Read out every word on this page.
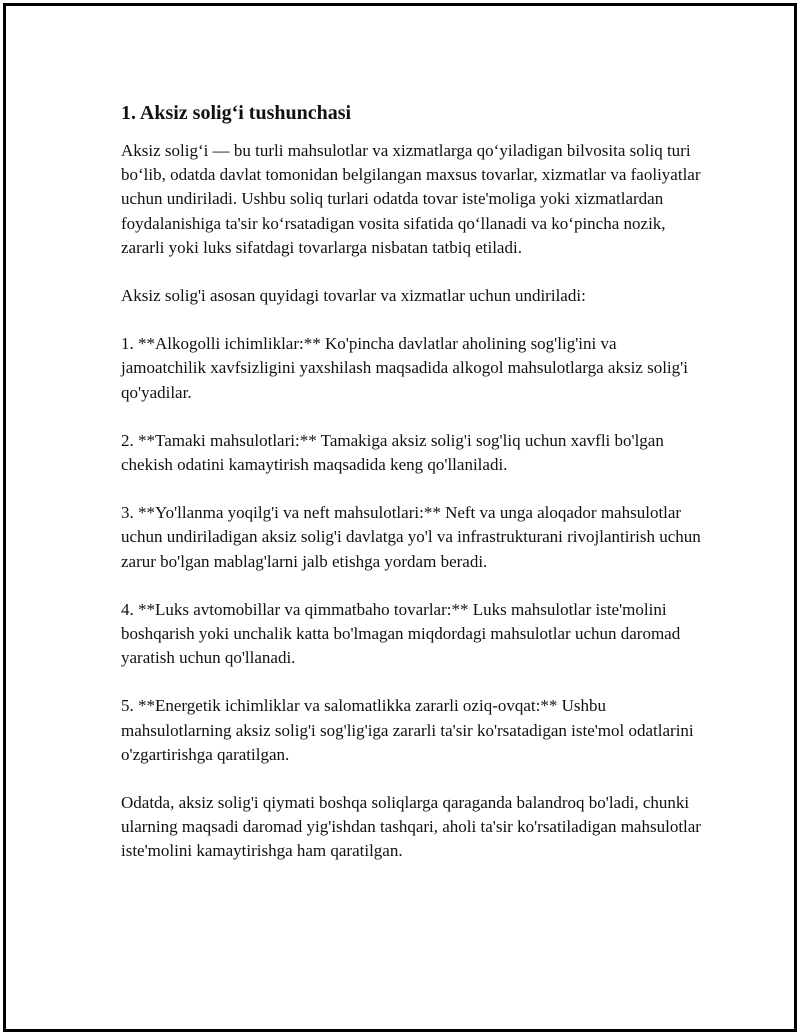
1. Aksiz soligʻi tushunchasi

Aksiz soligʻi — bu turli mahsulotlar va xizmatlarga qoʻyiladigan bilvosita soliq turi boʻlib, odatda davlat tomonidan belgilangan maxsus tovarlar, xizmatlar va faoliyatlar uchun undiriladi. Ushbu soliq turlari odatda tovar iste'moliga yoki xizmatlardan foydalanishiga ta'sir koʻrsatadigan vosita sifatida qoʻllanadi va koʻpincha nozik, zararli yoki luks sifatdagi tovarlarga nisbatan tatbiq etiladi.

Aksiz solig'i asosan quyidagi tovarlar va xizmatlar uchun undiriladi:

1. **Alkogolli ichimliklar:** Ko'pincha davlatlar aholining sog'lig'ini va jamoatchilik xavfsizligini yaxshilash maqsadida alkogol mahsulotlarga aksiz solig'i qo'yadilar.

2. **Tamaki mahsulotlari:** Tamakiga aksiz solig'i sog'liq uchun xavfli bo'lgan chekish odatini kamaytirish maqsadida keng qo'llaniladi.

3. **Yo'llanma yoqilg'i va neft mahsulotlari:** Neft va unga aloqador mahsulotlar uchun undiriladigan aksiz solig'i davlatga yo'l va infrastrukturani rivojlantirish uchun zarur bo'lgan mablag'larni jalb etishga yordam beradi.

4. **Luks avtomobillar va qimmatbaho tovarlar:** Luks mahsulotlar iste'molini boshqarish yoki unchalik katta bo'lmagan miqdordagi mahsulotlar uchun daromad yaratish uchun qo'llanadi.

5. **Energetik ichimliklar va salomatlikka zararli oziq-ovqat:** Ushbu mahsulotlarning aksiz solig'i sog'lig'iga zararli ta'sir ko'rsatadigan iste'mol odatlarini o'zgartirishga qaratilgan.

Odatda, aksiz solig'i qiymati boshqa soliqlarga qaraganda balandroq bo'ladi, chunki ularning maqsadi daromad yig'ishdan tashqari, aholi ta'sir ko'rsatiladigan mahsulotlar iste'molini kamaytirishga ham qaratilgan.
